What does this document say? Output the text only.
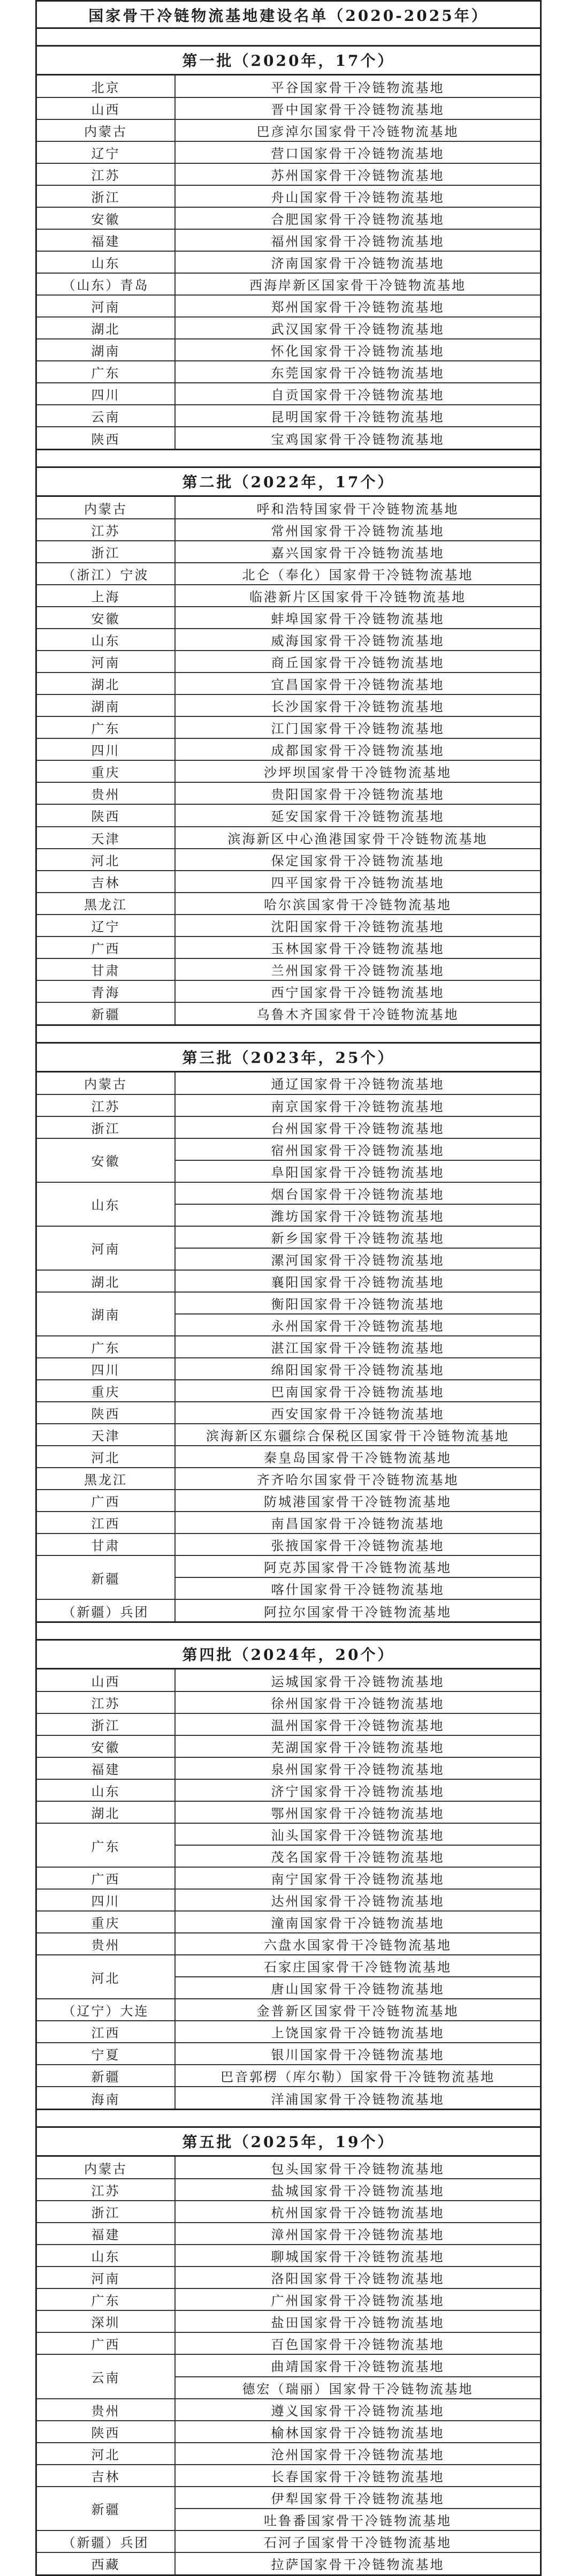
国家骨干冷链物流基地建设名单（2020-2025年）
第一批（2020年，17个）
北京	平谷国家骨干冷链物流基地
山西	晋中国家骨干冷链物流基地
内蒙古	巴彦淖尔国家骨干冷链物流基地
辽宁	营口国家骨干冷链物流基地
江苏	苏州国家骨干冷链物流基地
浙江	舟山国家骨干冷链物流基地
安徽	合肥国家骨干冷链物流基地
福建	福州国家骨干冷链物流基地
山东	济南国家骨干冷链物流基地
（山东）青岛	西海岸新区国家骨干冷链物流基地
河南	郑州国家骨干冷链物流基地
湖北	武汉国家骨干冷链物流基地
湖南	怀化国家骨干冷链物流基地
广东	东莞国家骨干冷链物流基地
四川	自贡国家骨干冷链物流基地
云南	昆明国家骨干冷链物流基地
陕西	宝鸡国家骨干冷链物流基地
第二批（2022年，17个）
内蒙古	呼和浩特国家骨干冷链物流基地
江苏	常州国家骨干冷链物流基地
浙江	嘉兴国家骨干冷链物流基地
（浙江）宁波	北仑（奉化）国家骨干冷链物流基地
上海	临港新片区国家骨干冷链物流基地
安徽	蚌埠国家骨干冷链物流基地
山东	威海国家骨干冷链物流基地
河南	商丘国家骨干冷链物流基地
湖北	宜昌国家骨干冷链物流基地
湖南	长沙国家骨干冷链物流基地
广东	江门国家骨干冷链物流基地
四川	成都国家骨干冷链物流基地
重庆	沙坪坝国家骨干冷链物流基地
贵州	贵阳国家骨干冷链物流基地
陕西	延安国家骨干冷链物流基地
天津	滨海新区中心渔港国家骨干冷链物流基地
河北	保定国家骨干冷链物流基地
吉林	四平国家骨干冷链物流基地
黑龙江	哈尔滨国家骨干冷链物流基地
辽宁	沈阳国家骨干冷链物流基地
广西	玉林国家骨干冷链物流基地
甘肃	兰州国家骨干冷链物流基地
青海	西宁国家骨干冷链物流基地
新疆	乌鲁木齐国家骨干冷链物流基地
第三批（2023年，25个）
内蒙古	通辽国家骨干冷链物流基地
江苏	南京国家骨干冷链物流基地
浙江	台州国家骨干冷链物流基地
安徽	宿州国家骨干冷链物流基地
	阜阳国家骨干冷链物流基地
山东	烟台国家骨干冷链物流基地
	潍坊国家骨干冷链物流基地
河南	新乡国家骨干冷链物流基地
	漯河国家骨干冷链物流基地
湖北	襄阳国家骨干冷链物流基地
湖南	衡阳国家骨干冷链物流基地
	永州国家骨干冷链物流基地
广东	湛江国家骨干冷链物流基地
四川	绵阳国家骨干冷链物流基地
重庆	巴南国家骨干冷链物流基地
陕西	西安国家骨干冷链物流基地
天津	滨海新区东疆综合保税区国家骨干冷链物流基地
河北	秦皇岛国家骨干冷链物流基地
黑龙江	齐齐哈尔国家骨干冷链物流基地
广西	防城港国家骨干冷链物流基地
江西	南昌国家骨干冷链物流基地
甘肃	张掖国家骨干冷链物流基地
新疆	阿克苏国家骨干冷链物流基地
	喀什国家骨干冷链物流基地
（新疆）兵团	阿拉尔国家骨干冷链物流基地
第四批（2024年，20个）
山西	运城国家骨干冷链物流基地
江苏	徐州国家骨干冷链物流基地
浙江	温州国家骨干冷链物流基地
安徽	芜湖国家骨干冷链物流基地
福建	泉州国家骨干冷链物流基地
山东	济宁国家骨干冷链物流基地
湖北	鄂州国家骨干冷链物流基地
广东	汕头国家骨干冷链物流基地
	茂名国家骨干冷链物流基地
广西	南宁国家骨干冷链物流基地
四川	达州国家骨干冷链物流基地
重庆	潼南国家骨干冷链物流基地
贵州	六盘水国家骨干冷链物流基地
河北	石家庄国家骨干冷链物流基地
	唐山国家骨干冷链物流基地
（辽宁）大连	金普新区国家骨干冷链物流基地
江西	上饶国家骨干冷链物流基地
宁夏	银川国家骨干冷链物流基地
新疆	巴音郭楞（库尔勒）国家骨干冷链物流基地
海南	洋浦国家骨干冷链物流基地
第五批（2025年，19个）
内蒙古	包头国家骨干冷链物流基地
江苏	盐城国家骨干冷链物流基地
浙江	杭州国家骨干冷链物流基地
福建	漳州国家骨干冷链物流基地
山东	聊城国家骨干冷链物流基地
河南	洛阳国家骨干冷链物流基地
广东	广州国家骨干冷链物流基地
深圳	盐田国家骨干冷链物流基地
广西	百色国家骨干冷链物流基地
云南	曲靖国家骨干冷链物流基地
	德宏（瑞丽）国家骨干冷链物流基地
贵州	遵义国家骨干冷链物流基地
陕西	榆林国家骨干冷链物流基地
河北	沧州国家骨干冷链物流基地
吉林	长春国家骨干冷链物流基地
新疆	伊犁国家骨干冷链物流基地
	吐鲁番国家骨干冷链物流基地
（新疆）兵团	石河子国家骨干冷链物流基地
西藏	拉萨国家骨干冷链物流基地
